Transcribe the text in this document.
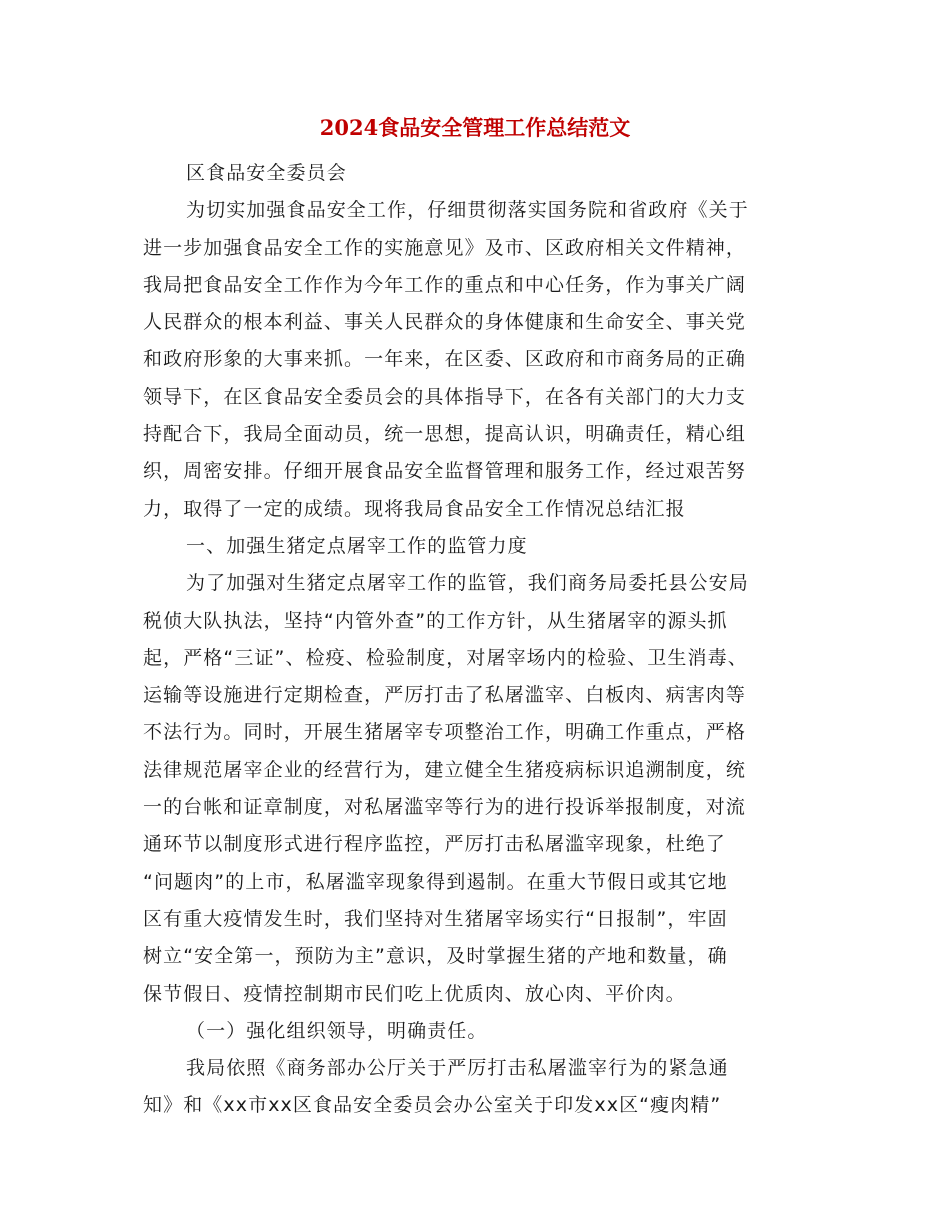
2024食品安全管理工作总结范文
区食品安全委员会
为切实加强食品安全工作，仔细贯彻落实国务院和省政府《关于
进一步加强食品安全工作的实施意见》及市、区政府相关文件精神，
我局把食品安全工作作为今年工作的重点和中心任务，作为事关广阔
人民群众的根本利益、事关人民群众的身体健康和生命安全、事关党
和政府形象的大事来抓。一年来，在区委、区政府和市商务局的正确
领导下，在区食品安全委员会的具体指导下，在各有关部门的大力支
持配合下，我局全面动员，统一思想，提高认识，明确责任，精心组
织，周密安排。仔细开展食品安全监督管理和服务工作，经过艰苦努
力，取得了一定的成绩。现将我局食品安全工作情况总结汇报
一、加强生猪定点屠宰工作的监管力度
为了加强对生猪定点屠宰工作的监管，我们商务局委托县公安局
税侦大队执法，坚持“内管外查”的工作方针，从生猪屠宰的源头抓
起，严格“三证”、检疫、检验制度，对屠宰场内的检验、卫生消毒、
运输等设施进行定期检查，严厉打击了私屠滥宰、白板肉、病害肉等
不法行为。同时，开展生猪屠宰专项整治工作，明确工作重点，严格
法律规范屠宰企业的经营行为，建立健全生猪疫病标识追溯制度，统
一的台帐和证章制度，对私屠滥宰等行为的进行投诉举报制度，对流
通环节以制度形式进行程序监控，严厉打击私屠滥宰现象，杜绝了
“问题肉”的上市，私屠滥宰现象得到遏制。在重大节假日或其它地
区有重大疫情发生时，我们坚持对生猪屠宰场实行“日报制”，牢固
树立“安全第一，预防为主”意识，及时掌握生猪的产地和数量，确
保节假日、疫情控制期市民们吃上优质肉、放心肉、平价肉。
（一）强化组织领导，明确责任。
我局依照《商务部办公厅关于严厉打击私屠滥宰行为的紧急通
知》和《xx市xx区食品安全委员会办公室关于印发xx区“瘦肉精”
